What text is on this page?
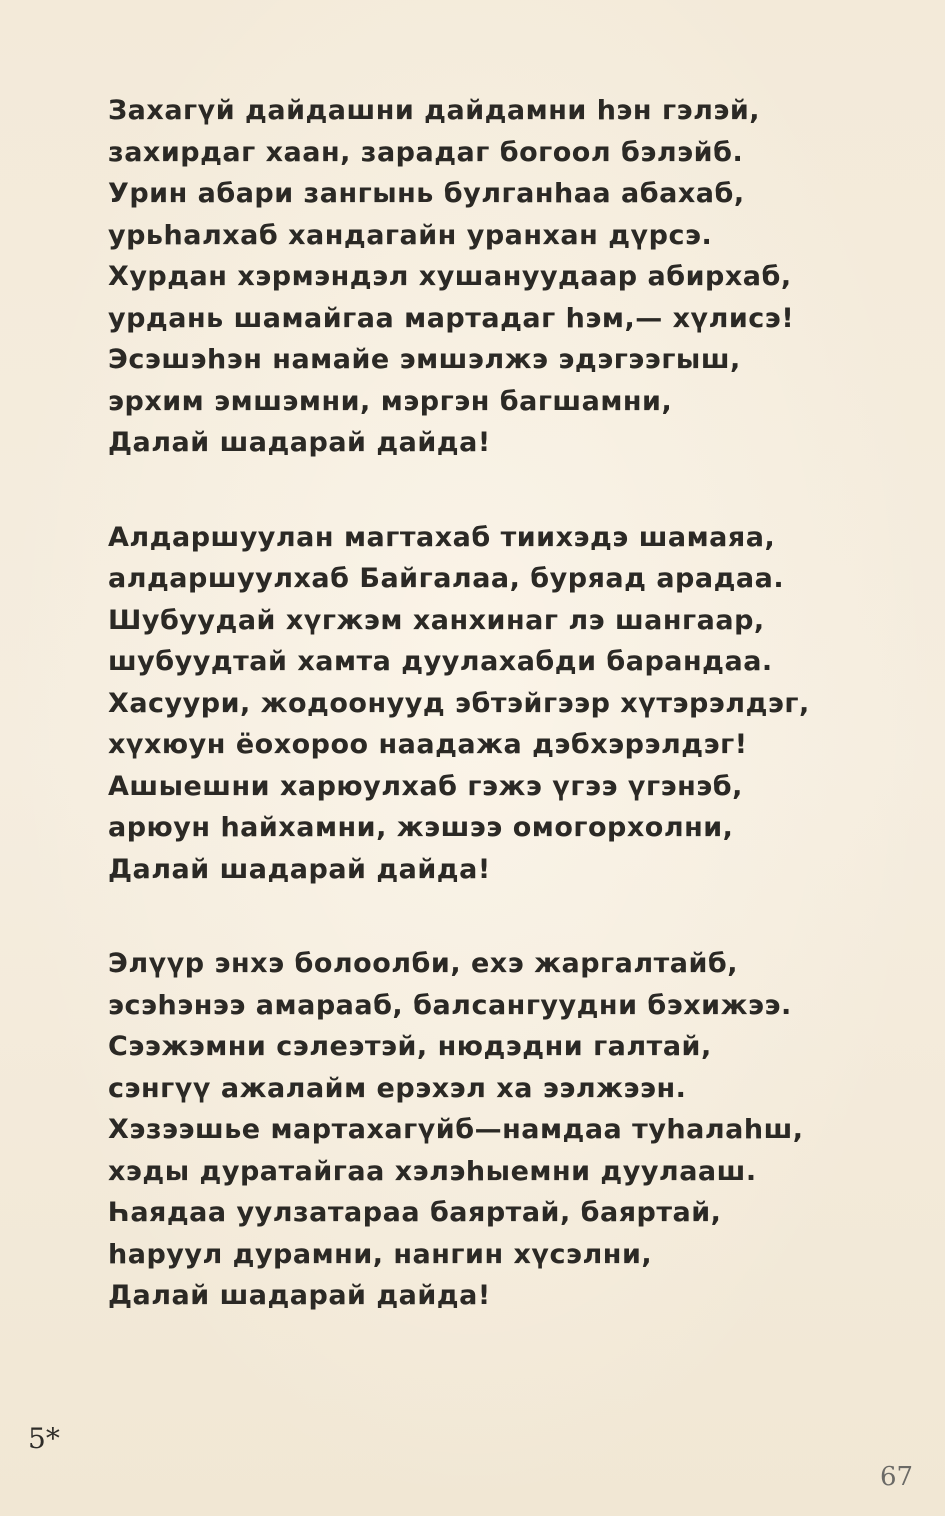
Захагүй дайдашни дайдамни һэн гэлэй,
захирдаг хаан, зарадаг богоол бэлэйб.
Урин абари зангынь булганһаа абахаб,
урьһалхаб хандагайн уранхан дүрсэ.
Хурдан хэрмэндэл хушануудаар абирхаб,
урдань шамайгаа мартадаг һэм,— хүлисэ!
Эсэшэһэн намайе эмшэлжэ эдэгээгыш,
эрхим эмшэмни, мэргэн багшамни,
Далай шадарай дайда!
Алдаршуулан магтахаб тиихэдэ шамаяа,
алдаршуулхаб Байгалаа, буряад арадаа.
Шубуудай хүгжэм ханхинаг лэ шангаар,
шубуудтай хамта дуулахабди барандаа.
Хасуури, жодоонууд эбтэйгээр хүтэрэлдэг,
хүхюун ёохороо наадажа дэбхэрэлдэг!
Ашыешни харюулхаб гэжэ үгээ үгэнэб,
арюун һайхамни, жэшээ омогорхолни,
Далай шадарай дайда!
Элүүр энхэ болоолби, ехэ жаргалтайб,
эсэһэнээ амарааб, балсангуудни бэхижээ.
Сээжэмни сэлеэтэй, нюдэдни галтай,
сэнгүү ажалайм ерэхэл ха ээлжээн.
Хэзээшье мартахагүйб—намдаа туһалаһш,
хэды дуратайгаа хэлэһыемни дуулааш.
Һаядаа уулзатараа баяртай, баяртай,
һаруул дурамни, нангин хүсэлни,
Далай шадарай дайда!
5*
67
